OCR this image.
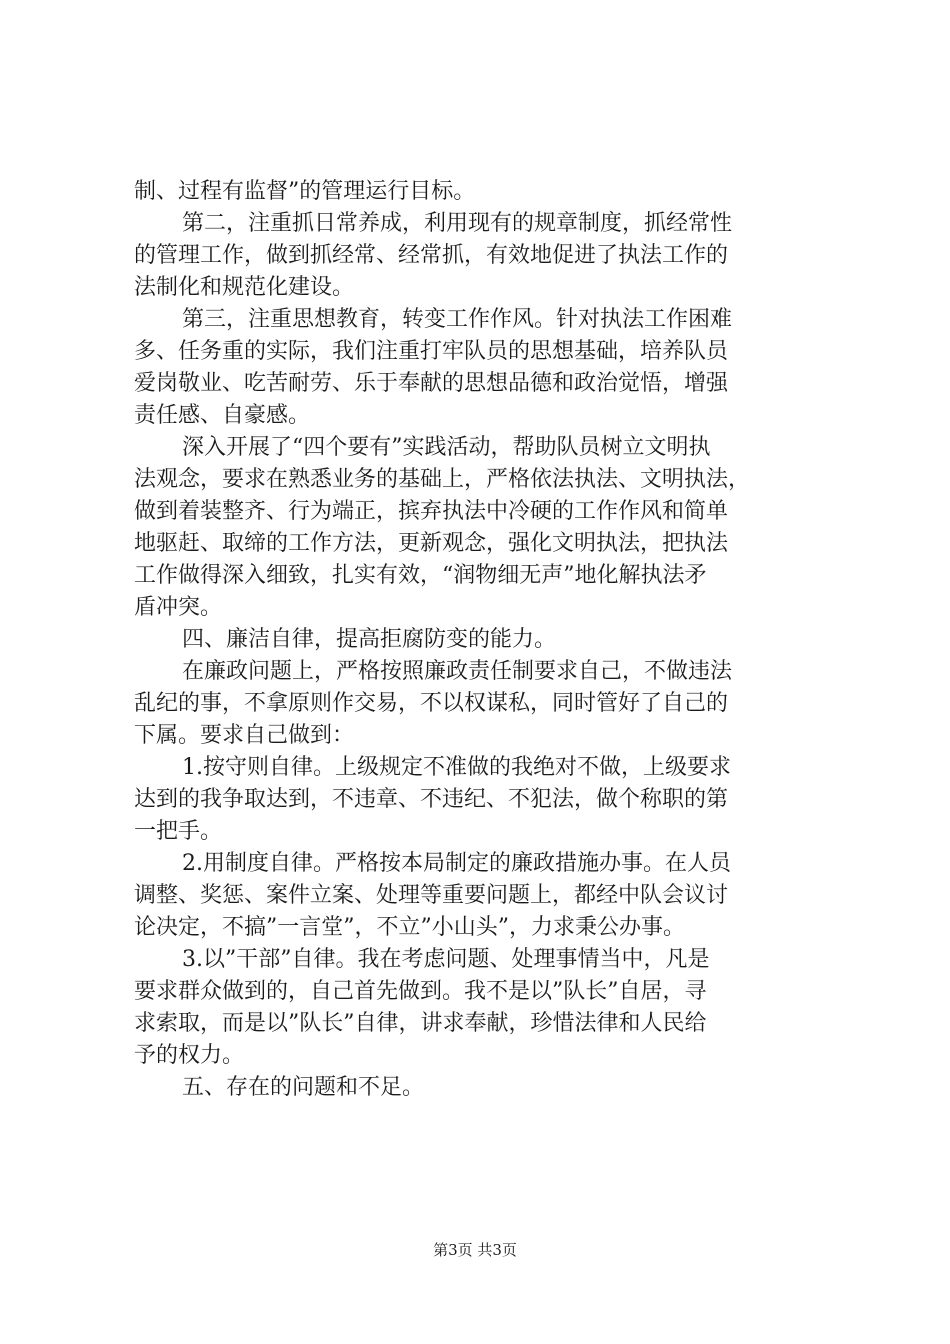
制、过程有监督”的管理运行目标。
第二，注重抓日常养成，利用现有的规章制度，抓经常性
的管理工作，做到抓经常、经常抓，有效地促进了执法工作的
法制化和规范化建设。
第三，注重思想教育，转变工作作风。针对执法工作困难
多、任务重的实际，我们注重打牢队员的思想基础，培养队员
爱岗敬业、吃苦耐劳、乐于奉献的思想品德和政治觉悟，增强
责任感、自豪感。
深入开展了“四个要有”实践活动，帮助队员树立文明执
法观念，要求在熟悉业务的基础上，严格依法执法、文明执法，
做到着装整齐、行为端正，摈弃执法中冷硬的工作作风和简单
地驱赶、取缔的工作方法，更新观念，强化文明执法，把执法
工作做得深入细致，扎实有效，“润物细无声”地化解执法矛
盾冲突。
四、廉洁自律，提高拒腐防变的能力。
在廉政问题上，严格按照廉政责任制要求自己，不做违法
乱纪的事，不拿原则作交易，不以权谋私，同时管好了自己的
下属。要求自己做到：
1.按守则自律。上级规定不准做的我绝对不做，上级要求
达到的我争取达到，不违章、不违纪、不犯法，做个称职的第
一把手。
2.用制度自律。严格按本局制定的廉政措施办事。在人员
调整、奖惩、案件立案、处理等重要问题上，都经中队会议讨
论决定，不搞”一言堂”，不立”小山头”，力求秉公办事。
3.以”干部”自律。我在考虑问题、处理事情当中，凡是
要求群众做到的，自己首先做到。我不是以”队长”自居，寻
求索取，而是以”队长”自律，讲求奉献，珍惜法律和人民给
予的权力。
五、存在的问题和不足。
第3页 共3页
